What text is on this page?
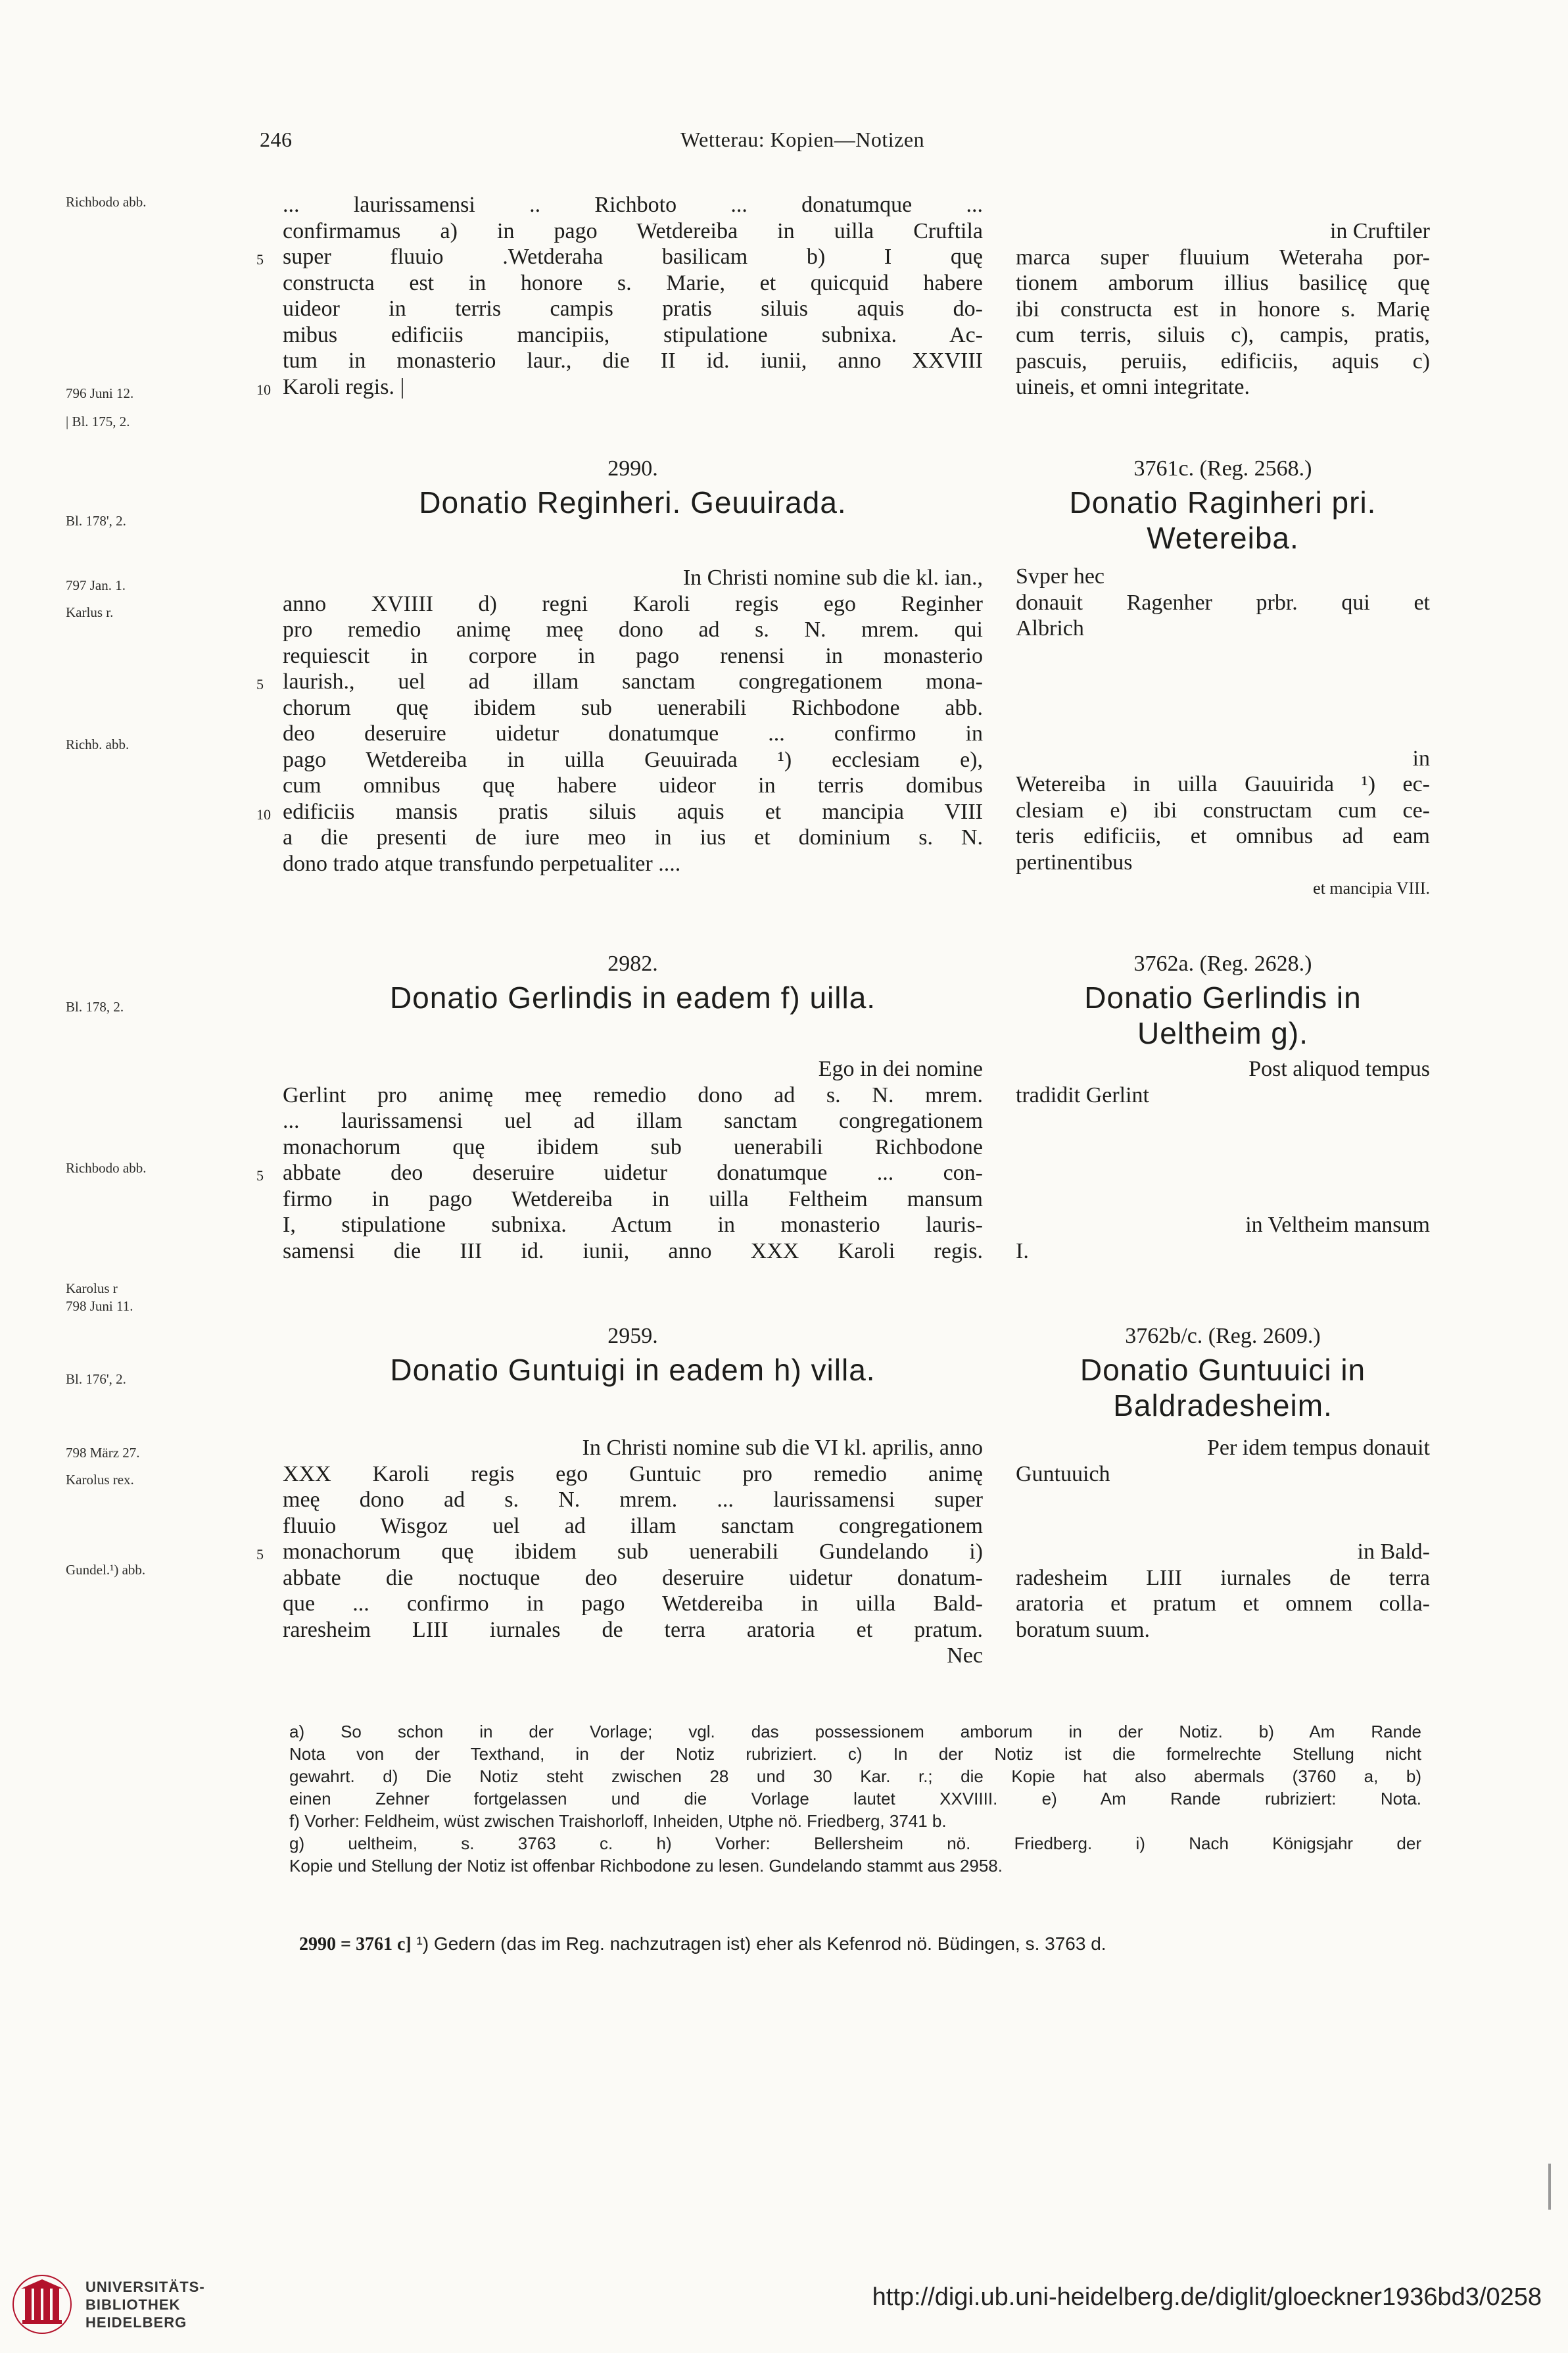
246	Wetterau: Kopien—Notizen
Richbodo abb.
796 Juni 12.
| Bl. 175, 2.
Bl. 178', 2.
797 Jan. 1.
Karlus r.
Richb. abb.
Bl. 178, 2.
Richbodo abb.
Karolus r
798 Juni 11.
Bl. 176', 2.
798 März 27.
Karolus rex.
Gundel.¹) abb.
... laurissamensi .. Richboto ... donatumque ...
confirmamus a) in pago Wetdereiba in uilla Cruftila
5 super fluuio .Wetderaha basilicam b) I quę
constructa est in honore s. Marie, et quicquid habere
uideor in terris campis pratis siluis aquis do-
mibus edificiis mancipiis, stipulatione subnixa. Ac-
tum in monasterio laur., die II id. iunii, anno XXVIII
10 Karoli regis. |
in Cruftiler
marca super fluuium Weteraha por-
tionem amborum illius basilicę quę
ibi constructa est in honore s. Marię
cum terris, siluis c), campis, pratis,
pascuis, peruiis, edificiis, aquis c)
uineis, et omni integritate.
2990.
Donatio Reginheri. Geuuirada.
In Christi nomine sub die kl. ian.,
anno XVIIII d) regni Karoli regis ego Reginher
pro remedio animę meę dono ad s. N. mrem. qui
requiescit in corpore in pago renensi in monasterio
5 laurish., uel ad illam sanctam congregationem mona-
chorum quę ibidem sub uenerabili Richbodone abb.
deo deseruire uidetur donatumque ... confirmo in
pago Wetdereiba in uilla Geuuirada ¹) ecclesiam e),
cum omnibus quę habere uideor in terris domibus
10 edificiis mansis pratis siluis aquis et mancipia VIII
a die presenti de iure meo in ius et dominium s. N.
dono trado atque transfundo perpetualiter ....
3761c. (Reg. 2568.)
Donatio Raginheri pri.
Wetereiba.
Svper hec
donauit Ragenher prbr. qui et
Albrich
in
Wetereiba in uilla Gauuirida ¹) ec-
clesiam e) ibi constructam cum ce-
teris edificiis, et omnibus ad eam
pertinentibus
et mancipia VIII.
2982.
Donatio Gerlindis in eadem f) uilla.
Ego in dei nomine
Gerlint pro animę meę remedio dono ad s. N. mrem.
... laurissamensi uel ad illam sanctam congregationem
monachorum quę ibidem sub uenerabili Richbodone
5 abbate deo deseruire uidetur donatumque ... con-
firmo in pago Wetdereiba in uilla Feltheim mansum
I, stipulatione subnixa. Actum in monasterio lauris-
samensi die III id. iunii, anno XXX Karoli regis.
3762a. (Reg. 2628.)
Donatio Gerlindis in
Ueltheim g).
Post aliquod tempus
tradidit Gerlint
in Veltheim mansum
I.
2959.
Donatio Guntuigi in eadem h) villa.
In Christi nomine sub die VI kl. aprilis, anno
XXX Karoli regis ego Guntuic pro remedio animę
meę dono ad s. N. mrem. ... laurissamensi super
fluuio Wisgoz uel ad illam sanctam congregationem
5 monachorum quę ibidem sub uenerabili Gundelando i)
abbate die noctuque deo deseruire uidetur donatum-
que ... confirmo in pago Wetdereiba in uilla Bald-
raresheim LIII iurnales de terra aratoria et pratum.
Nec
3762b/c. (Reg. 2609.)
Donatio Guntuuici in
Baldradesheim.
Per idem tempus donauit
Guntuuich
in Bald-
radesheim LIII iurnales de terra
aratoria et pratum et omnem colla-
boratum suum.
a) So schon in der Vorlage; vgl. das possessionem amborum in der Notiz. b) Am Rande
Nota von der Texthand, in der Notiz rubriziert. c) In der Notiz ist die formelrechte Stellung nicht
gewahrt. d) Die Notiz steht zwischen 28 und 30 Kar. r.; die Kopie hat also abermals (3760 a, b)
einen Zehner fortgelassen und die Vorlage lautet XXVIIII. e) Am Rande rubriziert: Nota.
f) Vorher: Feldheim, wüst zwischen Traishorloff, Inheiden, Utphe nö. Friedberg, 3741 b.
g) ueltheim, s. 3763 c. h) Vorher: Bellersheim nö. Friedberg. i) Nach Königsjahr der
Kopie und Stellung der Notiz ist offenbar Richbodone zu lesen. Gundelando stammt aus 2958.
2990 = 3761 c] ¹) Gedern (das im Reg. nachzutragen ist) eher als Kefenrod nö. Büdingen, s. 3763 d.
UNIVERSITÄTS-
BIBLIOTHEK
HEIDELBERG
http://digi.ub.uni-heidelberg.de/diglit/gloeckner1936bd3/0258
